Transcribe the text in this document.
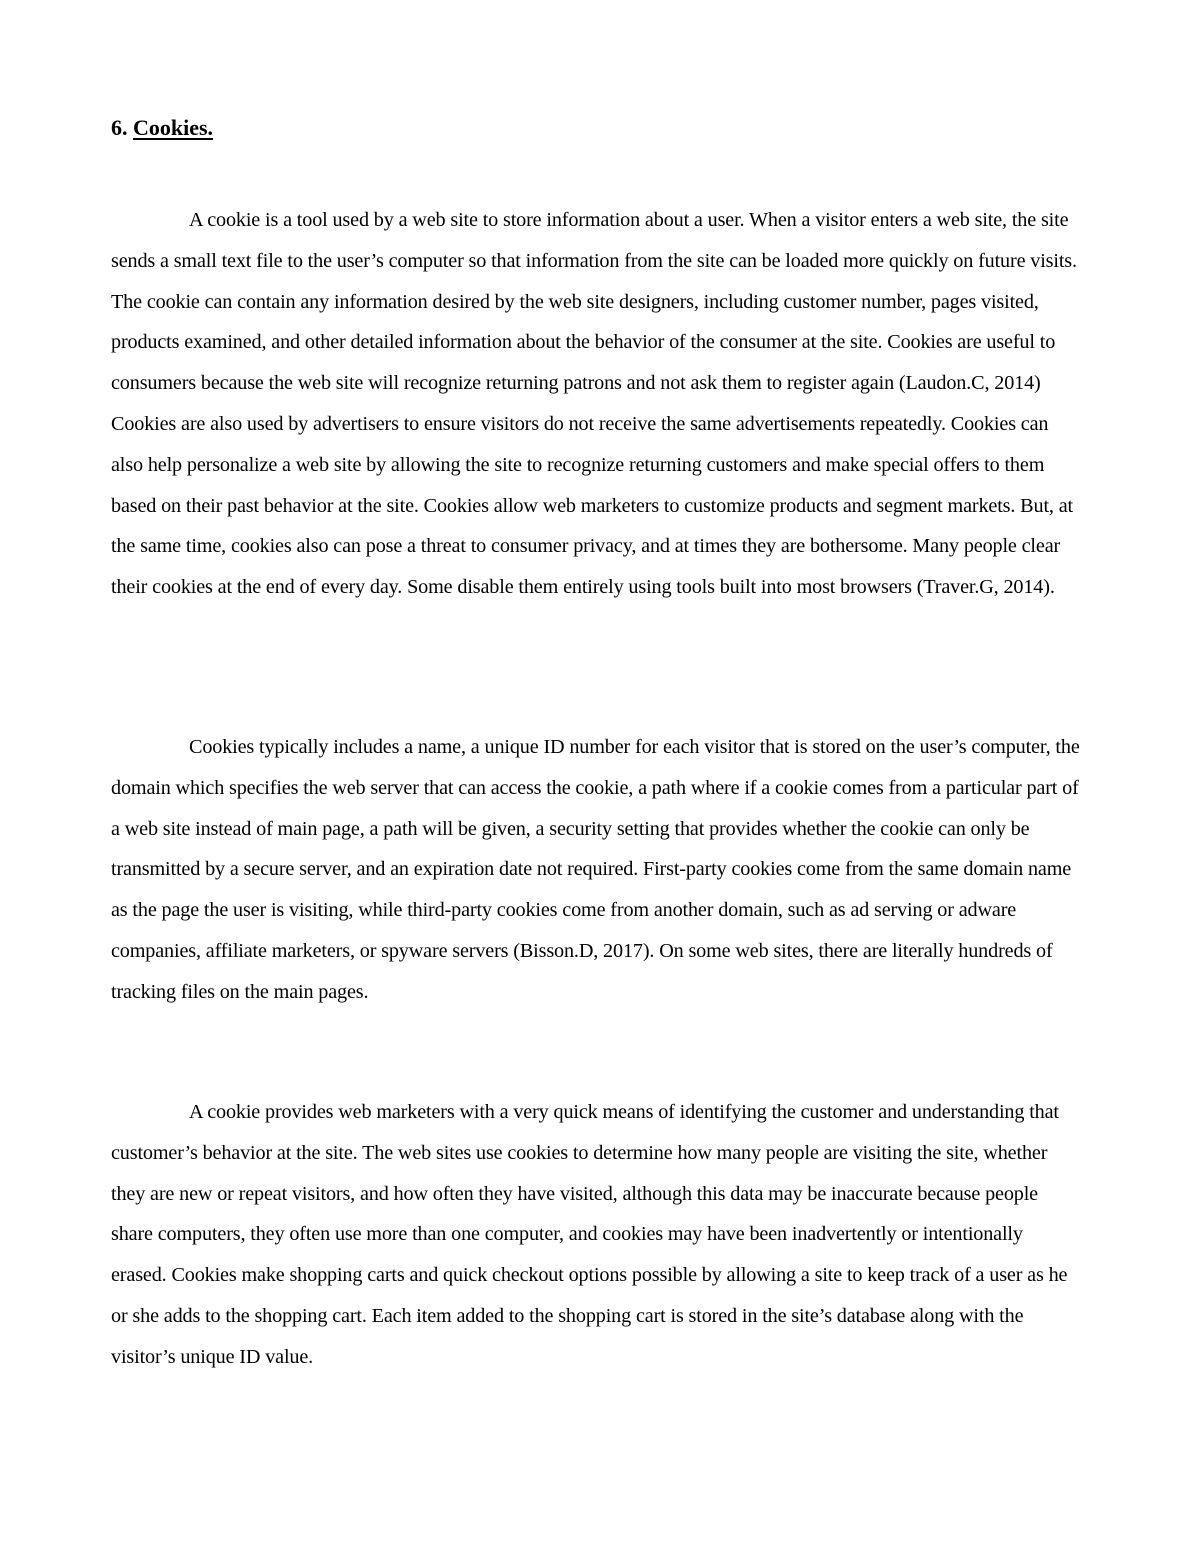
6. Cookies.

A cookie is a tool used by a web site to store information about a user. When a visitor enters a web site, the site sends a small text file to the user’s computer so that information from the site can be loaded more quickly on future visits. The cookie can contain any information desired by the web site designers, including customer number, pages visited, products examined, and other detailed information about the behavior of the consumer at the site. Cookies are useful to consumers because the web site will recognize returning patrons and not ask them to register again (Laudon.C, 2014) Cookies are also used by advertisers to ensure visitors do not receive the same advertisements repeatedly. Cookies can also help personalize a web site by allowing the site to recognize returning customers and make special offers to them based on their past behavior at the site. Cookies allow web marketers to customize products and segment markets. But, at the same time, cookies also can pose a threat to consumer privacy, and at times they are bothersome. Many people clear their cookies at the end of every day. Some disable them entirely using tools built into most browsers (Traver.G, 2014).

Cookies typically includes a name, a unique ID number for each visitor that is stored on the user’s computer, the domain which specifies the web server that can access the cookie, a path where if a cookie comes from a particular part of a web site instead of main page, a path will be given, a security setting that provides whether the cookie can only be transmitted by a secure server, and an expiration date not required. First-party cookies come from the same domain name as the page the user is visiting, while third-party cookies come from another domain, such as ad serving or adware companies, affiliate marketers, or spyware servers (Bisson.D, 2017). On some web sites, there are literally hundreds of tracking files on the main pages.

A cookie provides web marketers with a very quick means of identifying the customer and understanding that customer’s behavior at the site. The web sites use cookies to determine how many people are visiting the site, whether they are new or repeat visitors, and how often they have visited, although this data may be inaccurate because people share computers, they often use more than one computer, and cookies may have been inadvertently or intentionally erased. Cookies make shopping carts and quick checkout options possible by allowing a site to keep track of a user as he or she adds to the shopping cart. Each item added to the shopping cart is stored in the site’s database along with the visitor’s unique ID value.
